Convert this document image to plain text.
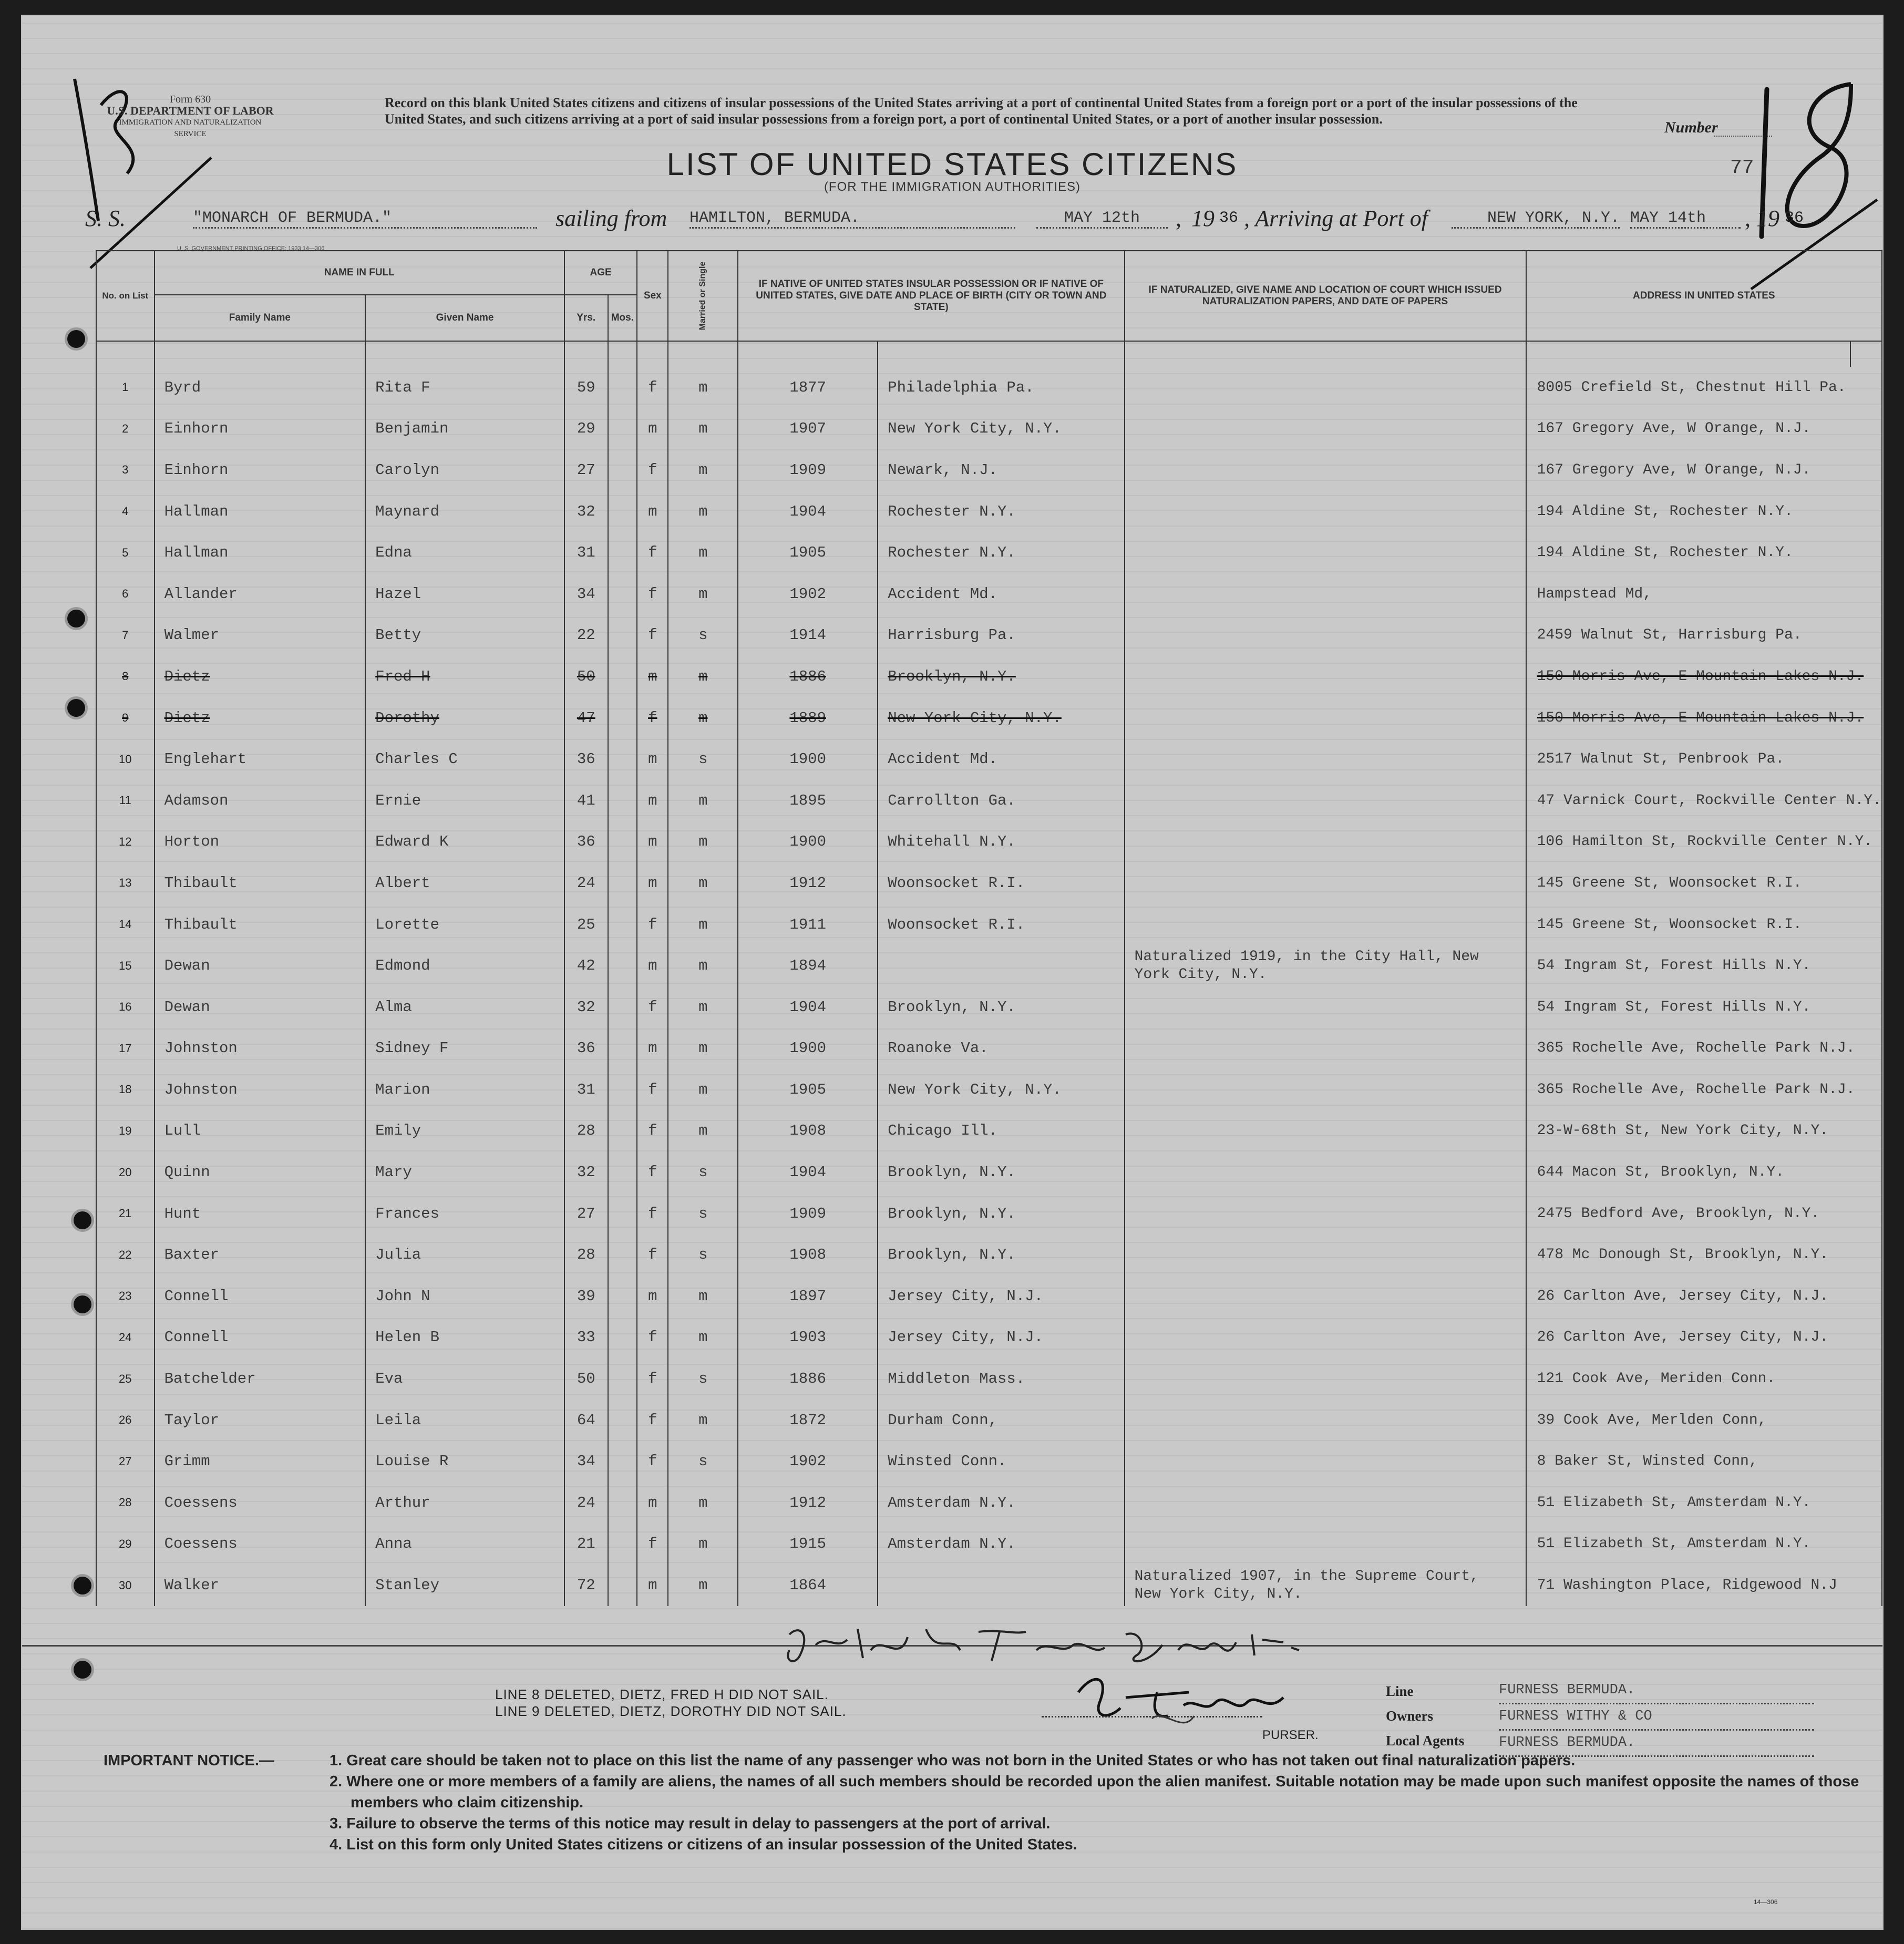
Form 630
U.S. DEPARTMENT OF LABOR
IMMIGRATION AND NATURALIZATION SERVICE
Record on this blank United States citizens and citizens of insular possessions of the United States arriving at a port of continental United States from a foreign port or a port of the insular possessions of the United States, and such citizens arriving at a port of said insular possessions from a foreign port, a port of continental United States, or a port of another insular possession.
LIST OF UNITED STATES CITIZENS
(FOR THE IMMIGRATION AUTHORITIES)
Number
77
S. S.	"MONARCH OF BERMUDA."	sailing from HAMILTON, BERMUDA.	MAY 12th	, 19 36 , Arriving at Port of	NEW YORK, N.Y. MAY 14th	, 19 36
U. S. GOVERNMENT PRINTING OFFICE: 1933 14—306
No. on List	NAME IN FULL		AGE		Sex	Married or Single	IF NATIVE OF UNITED STATES INSULAR POSSESSION OR IF NATIVE OF UNITED STATES, GIVE DATE AND PLACE OF BIRTH (CITY OR TOWN AND STATE)		IF NATURALIZED, GIVE NAME AND LOCATION OF COURT WHICH ISSUED NATURALIZATION PAPERS, AND DATE OF PAPERS	ADDRESS IN UNITED STATES	
	Family Name	Given Name	Yrs.	Mos.							

1	Byrd	Rita F	59		f	m	1877	Philadelphia Pa.		8005 Crefield St, Chestnut Hill Pa.	
2	Einhorn	Benjamin	29		m	m	1907	New York City, N.Y.		167 Gregory Ave, W Orange, N.J.	
3	Einhorn	Carolyn	27		f	m	1909	Newark, N.J.		167 Gregory Ave, W Orange, N.J.	
4	Hallman	Maynard	32		m	m	1904	Rochester N.Y.		194 Aldine St, Rochester N.Y.	
5	Hallman	Edna	31		f	m	1905	Rochester N.Y.		194 Aldine St, Rochester N.Y.	
6	Allander	Hazel	34		f	m	1902	Accident Md.		Hampstead Md,	
7	Walmer	Betty	22		f	s	1914	Harrisburg Pa.		2459 Walnut St, Harrisburg Pa.	
8	Dietz	Fred H	50		m	m	1886	Brooklyn, N.Y.		150 Morris Ave, E Mountain Lakes N.J.	
9	Dietz	Dorothy	47		f	m	1889	New York City, N.Y.		150 Morris Ave, E Mountain Lakes N.J.	
10	Englehart	Charles C	36		m	s	1900	Accident Md.		2517 Walnut St, Penbrook Pa.	
11	Adamson	Ernie	41		m	m	1895	Carrollton Ga.		47 Varnick Court, Rockville Center N.Y.	
12	Horton	Edward K	36		m	m	1900	Whitehall N.Y.		106 Hamilton St, Rockville Center N.Y.	
13	Thibault	Albert	24		m	m	1912	Woonsocket R.I.		145 Greene St, Woonsocket R.I.	
14	Thibault	Lorette	25		f	m	1911	Woonsocket R.I.		145 Greene St, Woonsocket R.I.	
15	Dewan	Edmond	42		m	m	1894		Naturalized 1919, in the City Hall, New York City, N.Y.	54 Ingram St, Forest Hills N.Y.	
16	Dewan	Alma	32		f	m	1904	Brooklyn, N.Y.		54 Ingram St, Forest Hills N.Y.	
17	Johnston	Sidney F	36		m	m	1900	Roanoke Va.		365 Rochelle Ave, Rochelle Park N.J.	
18	Johnston	Marion	31		f	m	1905	New York City, N.Y.		365 Rochelle Ave, Rochelle Park N.J.	
19	Lull	Emily	28		f	m	1908	Chicago Ill.		23-W-68th St, New York City, N.Y.	
20	Quinn	Mary	32		f	s	1904	Brooklyn, N.Y.		644 Macon St, Brooklyn, N.Y.	
21	Hunt	Frances	27		f	s	1909	Brooklyn, N.Y.		2475 Bedford Ave, Brooklyn, N.Y.	
22	Baxter	Julia	28		f	s	1908	Brooklyn, N.Y.		478 Mc Donough St, Brooklyn, N.Y.	
23	Connell	John N	39		m	m	1897	Jersey City, N.J.		26 Carlton Ave, Jersey City, N.J.	
24	Connell	Helen B	33		f	m	1903	Jersey City, N.J.		26 Carlton Ave, Jersey City, N.J.	
25	Batchelder	Eva	50		f	s	1886	Middleton Mass.		121 Cook Ave, Meriden Conn.	
26	Taylor	Leila	64		f	m	1872	Durham Conn,		39 Cook Ave, Merlden Conn,	
27	Grimm	Louise R	34		f	s	1902	Winsted Conn.		8 Baker St, Winsted Conn,	
28	Coessens	Arthur	24		m	m	1912	Amsterdam N.Y.		51 Elizabeth St, Amsterdam N.Y.	
29	Coessens	Anna	21		f	m	1915	Amsterdam N.Y.		51 Elizabeth St, Amsterdam N.Y.	
30	Walker	Stanley	72		m	m	1864		Naturalized 1907, in the Supreme Court, New York City, N.Y.	71 Washington Place, Ridgewood N.J	
LINE 8 DELETED, DIETZ, FRED H DID NOT SAIL.
LINE 9 DELETED, DIETZ, DOROTHY DID NOT SAIL.
PURSER.
Line
Owners
Local Agents
FURNESS BERMUDA.
FURNESS WITHY & CO
FURNESS BERMUDA.
IMPORTANT NOTICE.—	1. Great care should be taken not to place on this list the name of any passenger who was not born in the United States or who has not taken out final naturalization papers.
2. Where one or more members of a family are aliens, the names of all such members should be recorded upon the alien manifest. Suitable notation may be made upon such manifest opposite the names of those members who claim citizenship.
3. Failure to observe the terms of this notice may result in delay to passengers at the port of arrival.
4. List on this form only United States citizens or citizens of an insular possession of the United States.
14—306
